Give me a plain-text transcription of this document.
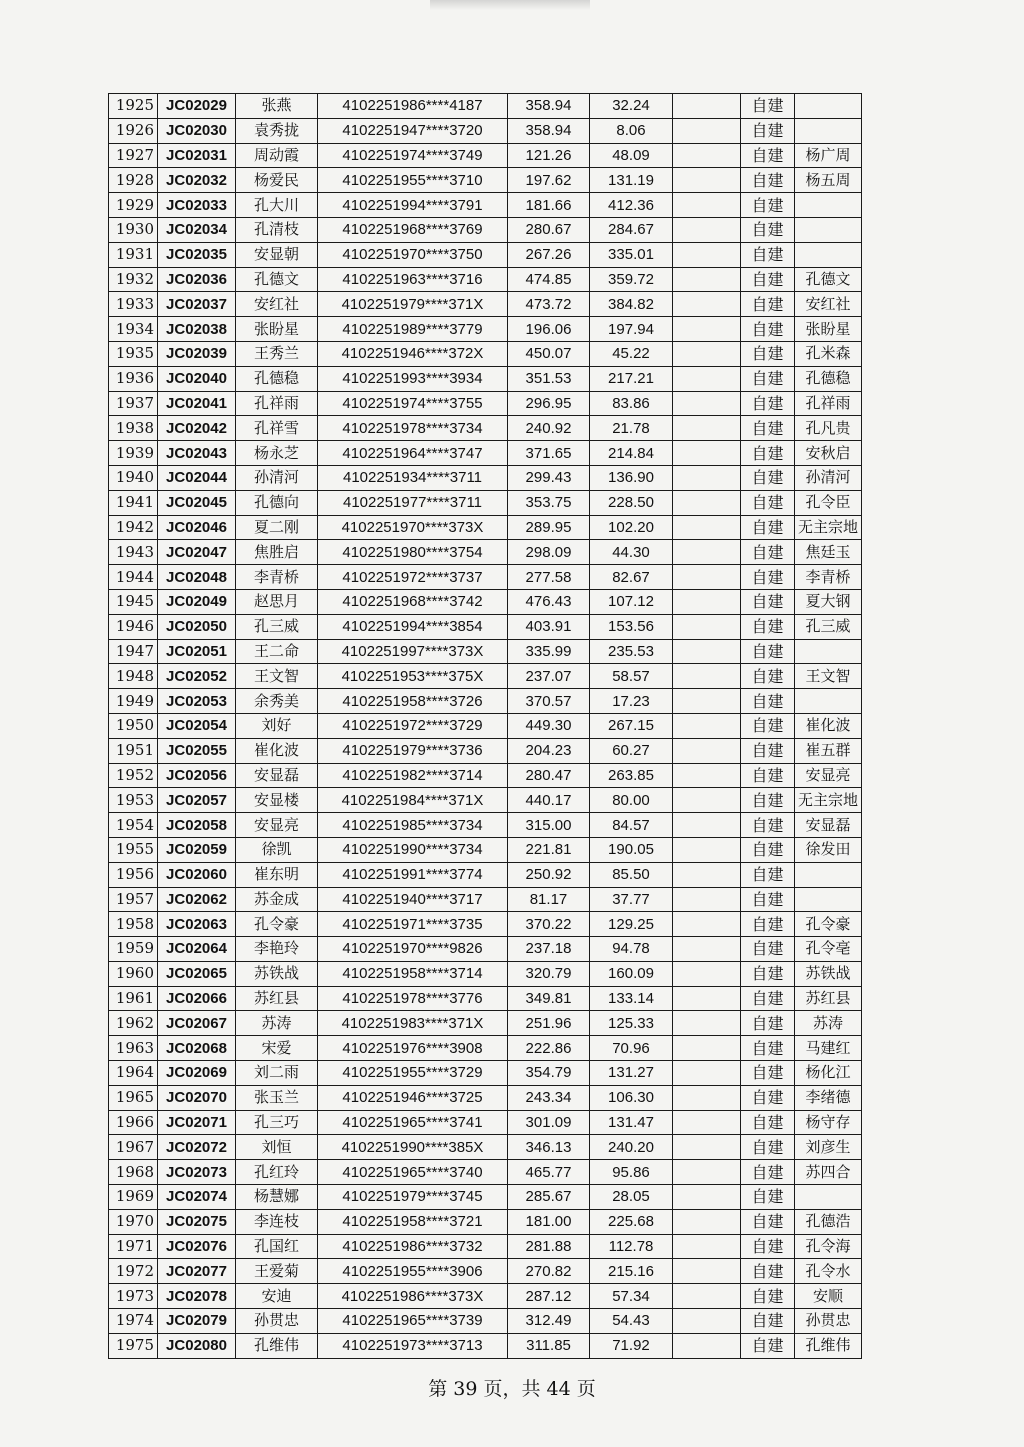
1925	JC02029	张燕	4102251986****4187	358.94	32.24		自建	
1926	JC02030	袁秀拢	4102251947****3720	358.94	8.06		自建	
1927	JC02031	周动霞	4102251974****3749	121.26	48.09		自建	杨广周
1928	JC02032	杨爱民	4102251955****3710	197.62	131.19		自建	杨五周
1929	JC02033	孔大川	4102251994****3791	181.66	412.36		自建	
1930	JC02034	孔清枝	4102251968****3769	280.67	284.67		自建	
1931	JC02035	安显朝	4102251970****3750	267.26	335.01		自建	
1932	JC02036	孔德文	4102251963****3716	474.85	359.72		自建	孔德文
1933	JC02037	安红社	4102251979****371X	473.72	384.82		自建	安红社
1934	JC02038	张盼星	4102251989****3779	196.06	197.94		自建	张盼星
1935	JC02039	王秀兰	4102251946****372X	450.07	45.22		自建	孔米森
1936	JC02040	孔德稳	4102251993****3934	351.53	217.21		自建	孔德稳
1937	JC02041	孔祥雨	4102251974****3755	296.95	83.86		自建	孔祥雨
1938	JC02042	孔祥雪	4102251978****3734	240.92	21.78		自建	孔凡贵
1939	JC02043	杨永芝	4102251964****3747	371.65	214.84		自建	安秋启
1940	JC02044	孙清河	4102251934****3711	299.43	136.90		自建	孙清河
1941	JC02045	孔德向	4102251977****3711	353.75	228.50		自建	孔令臣
1942	JC02046	夏二刚	4102251970****373X	289.95	102.20		自建	无主宗地
1943	JC02047	焦胜启	4102251980****3754	298.09	44.30		自建	焦廷玉
1944	JC02048	李青桥	4102251972****3737	277.58	82.67		自建	李青桥
1945	JC02049	赵思月	4102251968****3742	476.43	107.12		自建	夏大钢
1946	JC02050	孔三威	4102251994****3854	403.91	153.56		自建	孔三威
1947	JC02051	王二命	4102251997****373X	335.99	235.53		自建	
1948	JC02052	王文智	4102251953****375X	237.07	58.57		自建	王文智
1949	JC02053	余秀美	4102251958****3726	370.57	17.23		自建	
1950	JC02054	刘好	4102251972****3729	449.30	267.15		自建	崔化波
1951	JC02055	崔化波	4102251979****3736	204.23	60.27		自建	崔五群
1952	JC02056	安显磊	4102251982****3714	280.47	263.85		自建	安显亮
1953	JC02057	安显楼	4102251984****371X	440.17	80.00		自建	无主宗地
1954	JC02058	安显亮	4102251985****3734	315.00	84.57		自建	安显磊
1955	JC02059	徐凯	4102251990****3734	221.81	190.05		自建	徐发田
1956	JC02060	崔东明	4102251991****3774	250.92	85.50		自建	
1957	JC02062	苏金成	4102251940****3717	81.17	37.77		自建	
1958	JC02063	孔令豪	4102251971****3735	370.22	129.25		自建	孔令豪
1959	JC02064	李艳玲	4102251970****9826	237.18	94.78		自建	孔令亳
1960	JC02065	苏铁战	4102251958****3714	320.79	160.09		自建	苏铁战
1961	JC02066	苏红县	4102251978****3776	349.81	133.14		自建	苏红县
1962	JC02067	苏涛	4102251983****371X	251.96	125.33		自建	苏涛
1963	JC02068	宋爱	4102251976****3908	222.86	70.96		自建	马建红
1964	JC02069	刘二雨	4102251955****3729	354.79	131.27		自建	杨化江
1965	JC02070	张玉兰	4102251946****3725	243.34	106.30		自建	李绪德
1966	JC02071	孔三巧	4102251965****3741	301.09	131.47		自建	杨守存
1967	JC02072	刘恒	4102251990****385X	346.13	240.20		自建	刘彦生
1968	JC02073	孔红玲	4102251965****3740	465.77	95.86		自建	苏四合
1969	JC02074	杨慧娜	4102251979****3745	285.67	28.05		自建	
1970	JC02075	李连枝	4102251958****3721	181.00	225.68		自建	孔德浩
1971	JC02076	孔国红	4102251986****3732	281.88	112.78		自建	孔令海
1972	JC02077	王爱菊	4102251955****3906	270.82	215.16		自建	孔令水
1973	JC02078	安迪	4102251986****373X	287.12	57.34		自建	安顺
1974	JC02079	孙贯忠	4102251965****3739	312.49	54.43		自建	孙贯忠
1975	JC02080	孔维伟	4102251973****3713	311.85	71.92		自建	孔维伟
第 39 页，共 44 页
